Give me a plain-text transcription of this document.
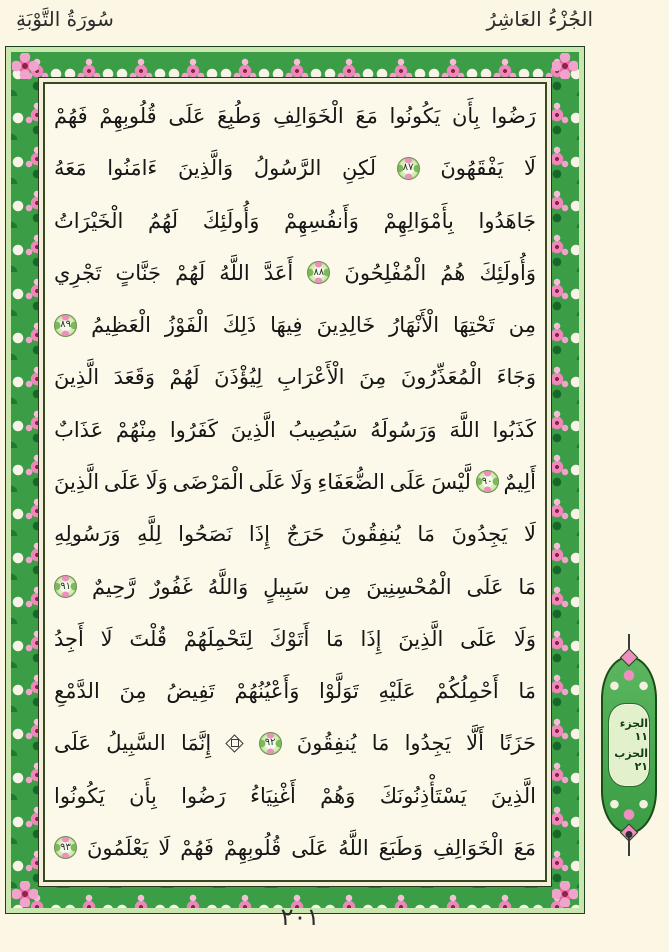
الجُزْءُ العَاشِرُ
سُورَةُ التَّوْبَةِ
رَضُوا
بِأَن
يَكُونُوا
مَعَ
الْخَوَالِفِ
وَطُبِعَ
عَلَى
قُلُوبِهِمْ
فَهُمْ
لَا
يَفْقَهُونَ
٨٧
لَكِنِ
الرَّسُولُ
وَالَّذِينَ
ءَامَنُوا
مَعَهُ
جَاهَدُوا
بِأَمْوَالِهِمْ
وَأَنفُسِهِمْ
وَأُولَئِكَ
لَهُمُ
الْخَيْرَاتُ
وَأُولَئِكَ
هُمُ
الْمُفْلِحُونَ
٨٨
أَعَدَّ
اللَّهُ
لَهُمْ
جَنَّاتٍ
تَجْرِي
مِن
تَحْتِهَا
الْأَنْهَارُ
خَالِدِينَ
فِيهَا
ذَلِكَ
الْفَوْزُ
الْعَظِيمُ
٨٩
وَجَاءَ
الْمُعَذِّرُونَ
مِنَ
الْأَعْرَابِ
لِيُؤْذَنَ
لَهُمْ
وَقَعَدَ
الَّذِينَ
كَذَبُوا
اللَّهَ
وَرَسُولَهُ
سَيُصِيبُ
الَّذِينَ
كَفَرُوا
مِنْهُمْ
عَذَابٌ
أَلِيمٌ
٩٠
لَّيْسَ
عَلَى
الضُّعَفَاءِ
وَلَا
عَلَى
الْمَرْضَى
وَلَا
عَلَى
الَّذِينَ
لَا
يَجِدُونَ
مَا
يُنفِقُونَ
حَرَجٌ
إِذَا
نَصَحُوا
لِلَّهِ
وَرَسُولِهِ
مَا
عَلَى
الْمُحْسِنِينَ
مِن
سَبِيلٍ
وَاللَّهُ
غَفُورٌ
رَّحِيمٌ
٩١
وَلَا
عَلَى
الَّذِينَ
إِذَا
مَا
أَتَوْكَ
لِتَحْمِلَهُمْ
قُلْتَ
لَا
أَجِدُ
مَا
أَحْمِلُكُمْ
عَلَيْهِ
تَوَلَّوْا
وَأَعْيُنُهُمْ
تَفِيضُ
مِنَ
الدَّمْعِ
حَزَنًا
أَلَّا
يَجِدُوا
مَا
يُنفِقُونَ
٩٢
إِنَّمَا
السَّبِيلُ
عَلَى
الَّذِينَ
يَسْتَأْذِنُونَكَ
وَهُمْ
أَغْنِيَاءُ
رَضُوا
بِأَن
يَكُونُوا
مَعَ
الْخَوَالِفِ
وَطَبَعَ
اللَّهُ
عَلَى
قُلُوبِهِمْ
فَهُمْ
لَا
يَعْلَمُونَ
٩٣
الجزء ١١
الحزب ٢١
٢٠١
